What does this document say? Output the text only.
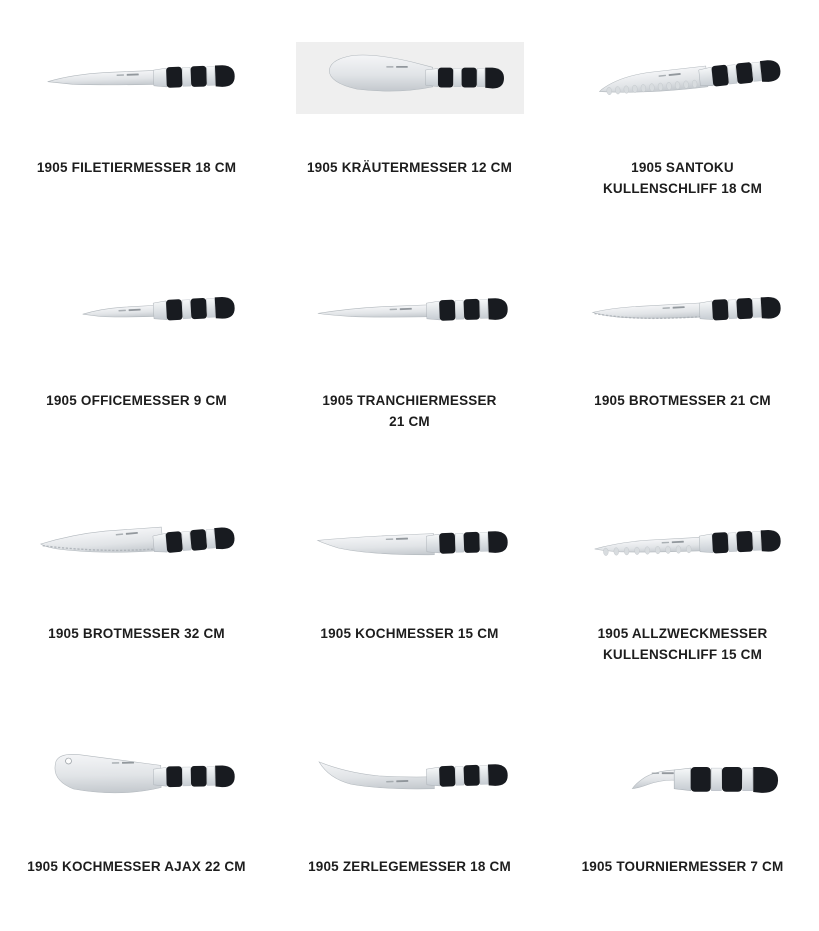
1905 FILETIERMESSER 18 CM	1905 KRÄUTERMESSER 12 CM	1905 SANTOKU
KULLENSCHLIFF 18 CM
1905 OFFICEMESSER 9 CM	1905 TRANCHIERMESSER
21 CM
1905 BROTMESSER 21 CM
1905 BROTMESSER 32 CM	1905 KOCHMESSER 15 CM	1905 ALLZWECKMESSER
KULLENSCHLIFF 15 CM
1905 KOCHMESSER AJAX 22 CM	1905 ZERLEGEMESSER 18 CM	1905 TOURNIERMESSER 7 CM
